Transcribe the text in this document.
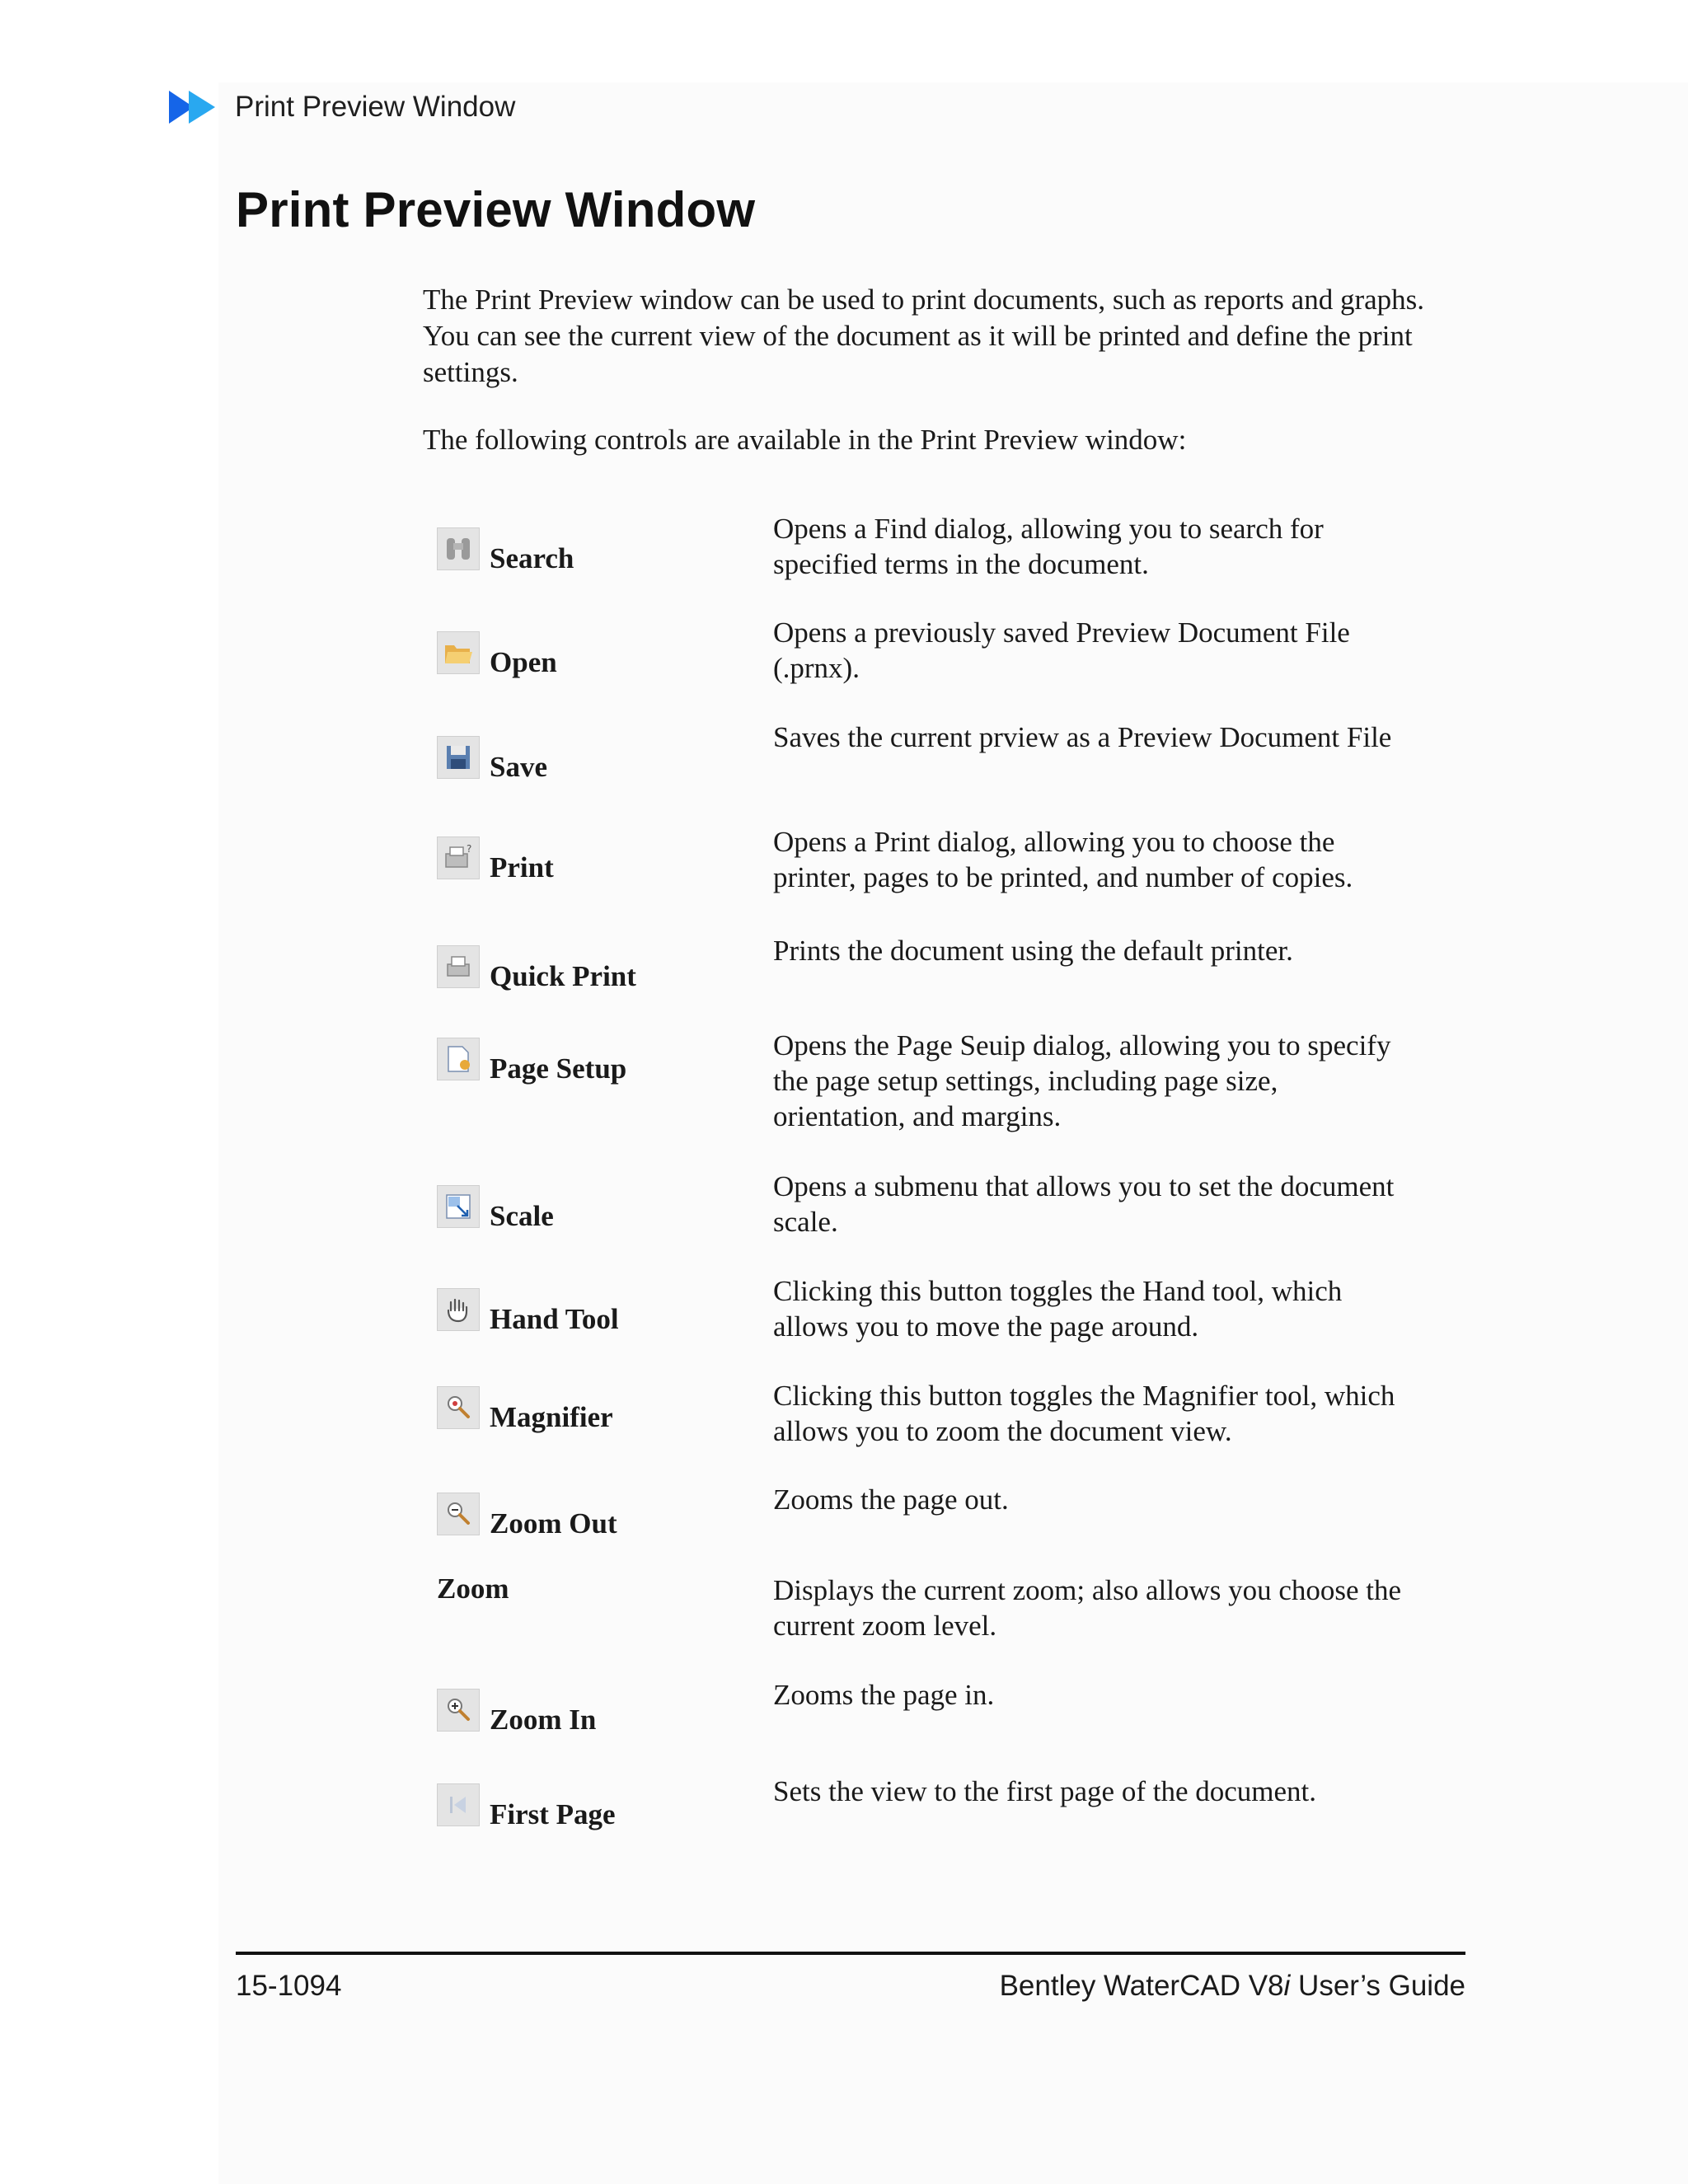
Print Preview Window
Print Preview Window

The Print Preview window can be used to print documents, such as reports and graphs. You can see the current view of the document as it will be printed and define the print settings.

The following controls are available in the Print Preview window:

Search

Opens a Find dialog, allowing you to search for specified terms in the document.

Open

Opens a previously saved Preview Document File (.prnx).

Save

Saves the current prview as a Preview Document File

?
Print

Opens a Print dialog, allowing you to choose the printer, pages to be printed, and number of copies.

Quick Print

Prints the document using the default printer.

Page Setup

Opens the Page Seuip dialog, allowing you to specify the page setup settings, including page size, orientation, and margins.

Scale

Opens a submenu that allows you to set the document scale.

Hand Tool

Clicking this button toggles the Hand tool, which allows you to move the page around.

Magnifier

Clicking this button toggles the Magnifier tool, which allows you to zoom the document view.

Zoom Out

Zooms the page out.

Zoom	Displays the current zoom; also allows you choose the current zoom level.

Zoom In

Zooms the page in.

First Page

Sets the view to the first page of the document.

15-1094	Bentley WaterCAD V8i User’s Guide
